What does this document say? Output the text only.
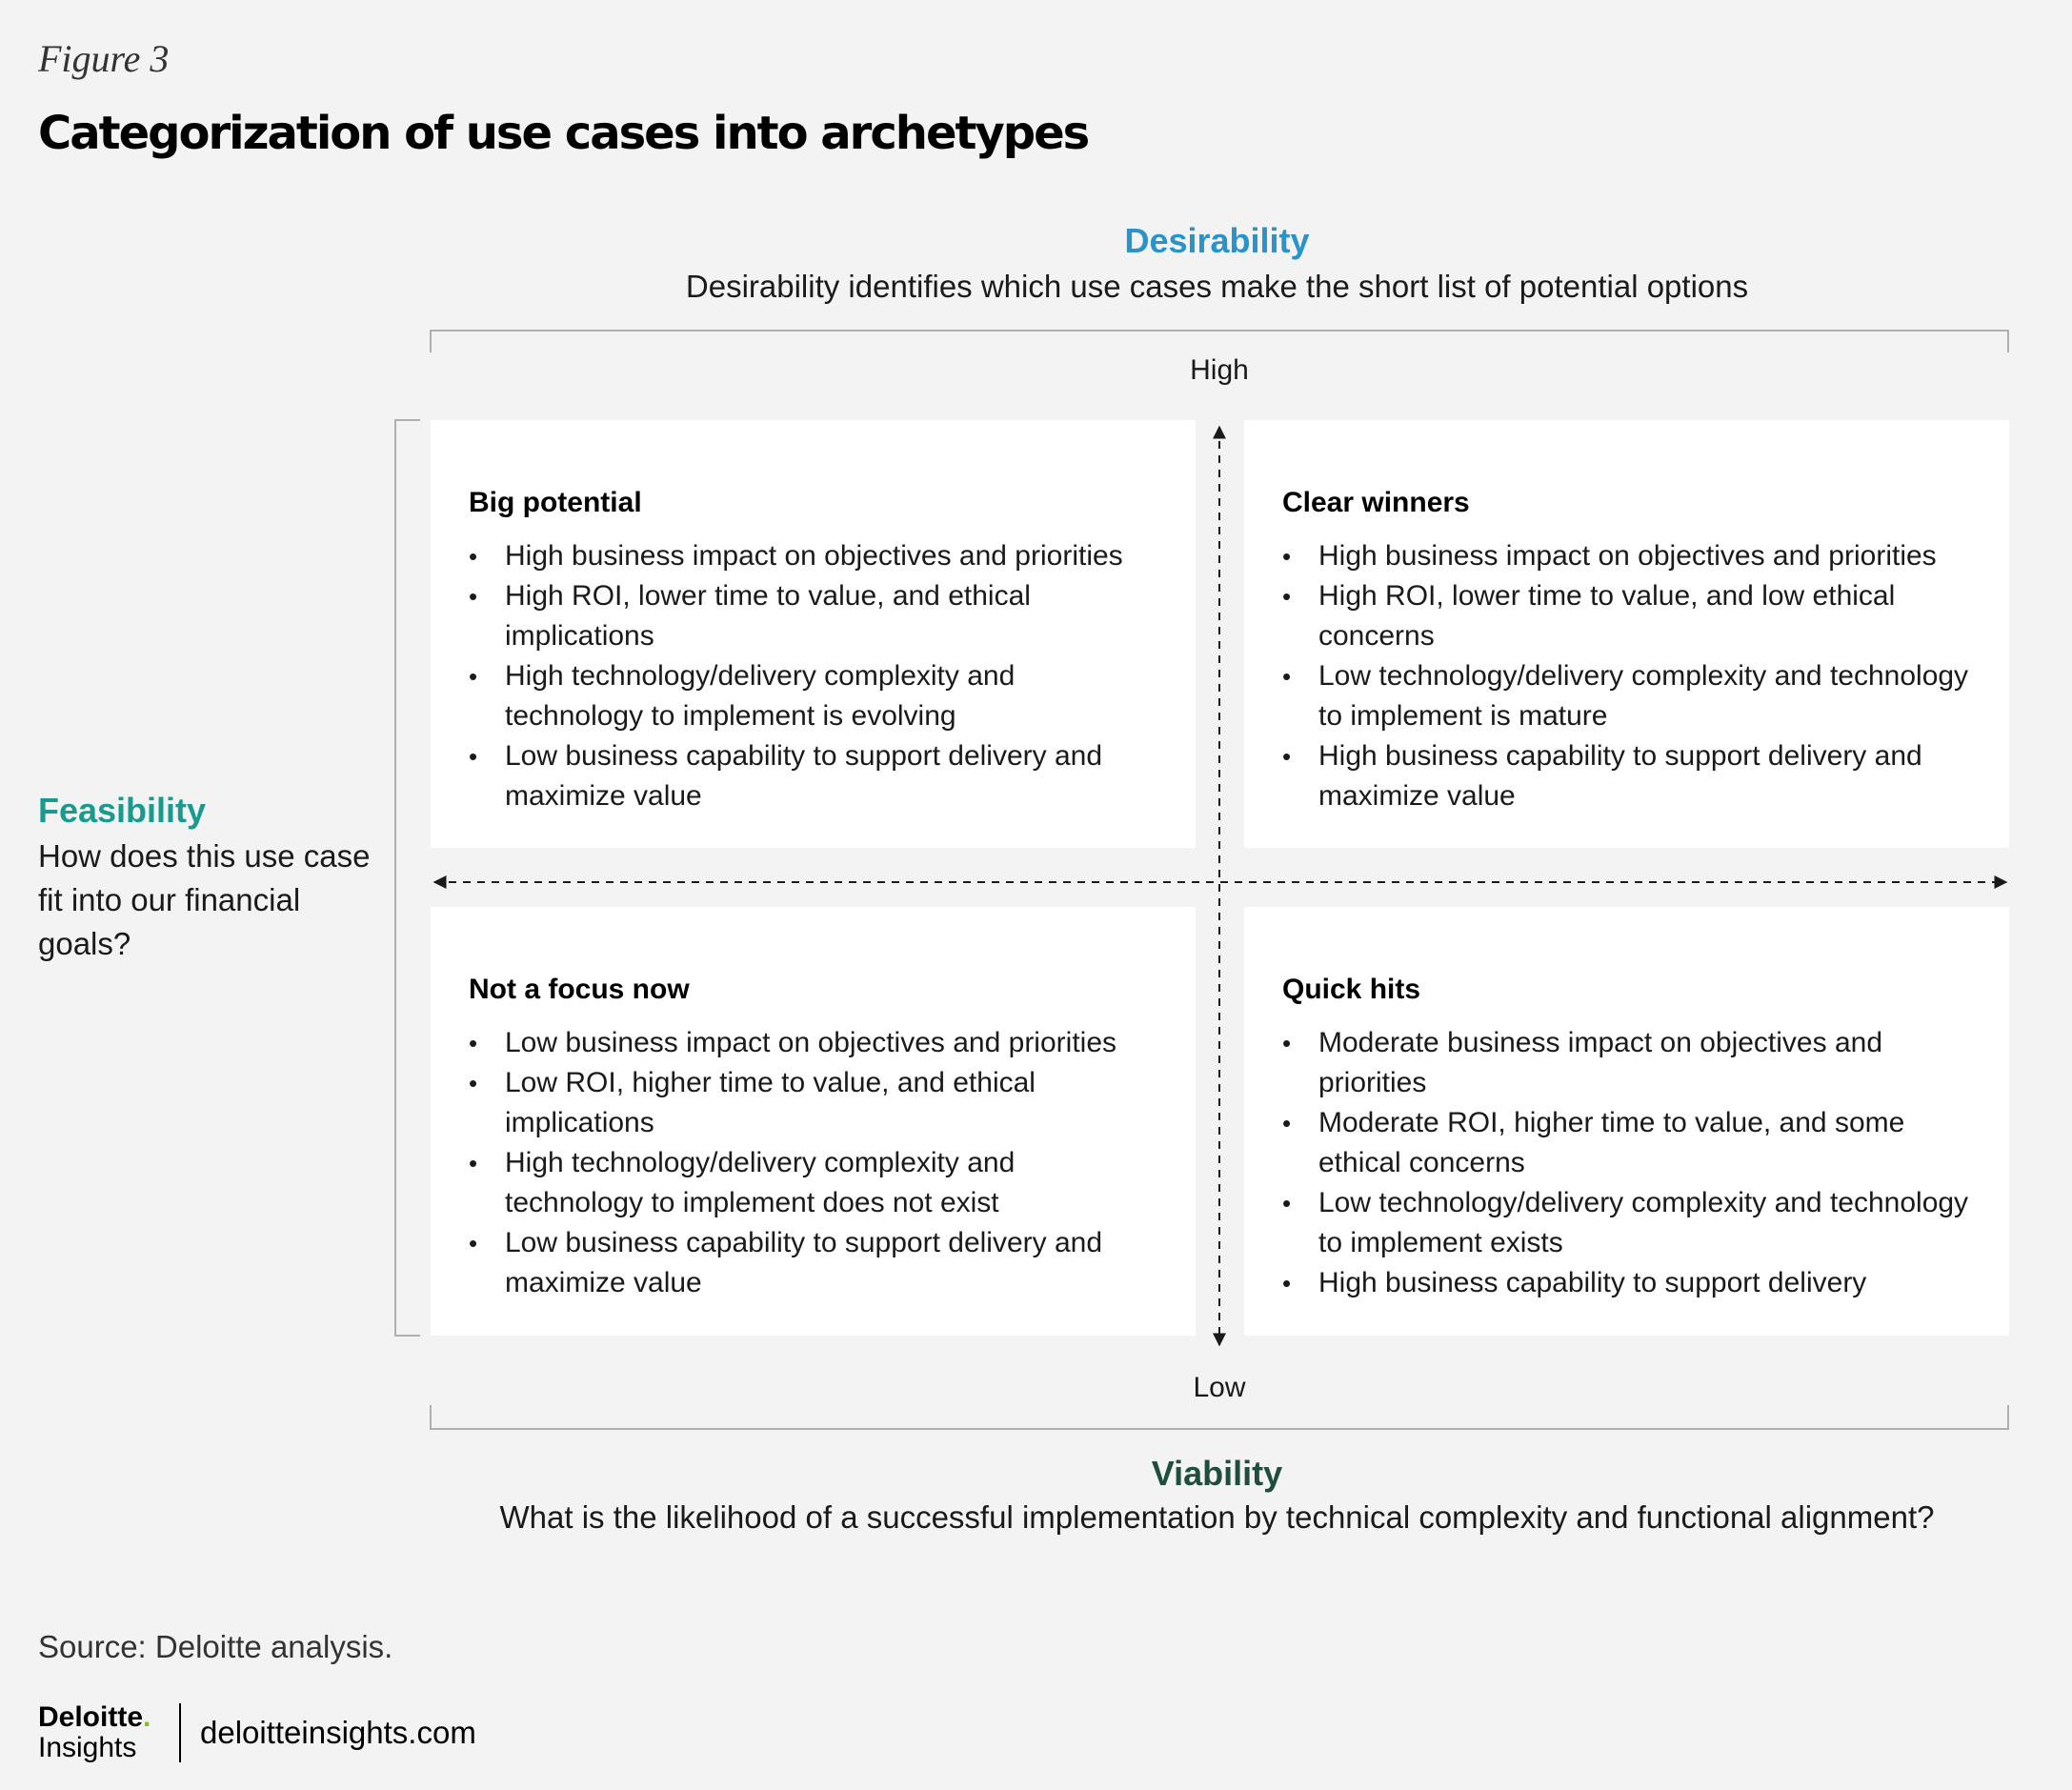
Figure 3
Categorization of use cases into archetypes
Desirability
Desirability identifies which use cases make the short list of potential options
High
Feasibility
How does this use case fit into our financial goals?
Big potential
• High business impact on objectives and priorities
• High ROI, lower time to value, and ethical implications
• High technology/delivery complexity and technology to implement is evolving
• Low business capability to support delivery and maximize value
Clear winners
• High business impact on objectives and priorities
• High ROI, lower time to value, and low ethical concerns
• Low technology/delivery complexity and technology to implement is mature
• High business capability to support delivery and maximize value
Not a focus now
• Low business impact on objectives and priorities
• Low ROI, higher time to value, and ethical implications
• High technology/delivery complexity and technology to implement does not exist
• Low business capability to support delivery and maximize value
Quick hits
• Moderate business impact on objectives and priorities
• Moderate ROI, higher time to value, and some ethical concerns
• Low technology/delivery complexity and technology to implement exists
• High business capability to support delivery
Low
Viability
What is the likelihood of a successful implementation by technical complexity and functional alignment?
Source: Deloitte analysis.
Deloitte.
Insights deloitteinsights.com
